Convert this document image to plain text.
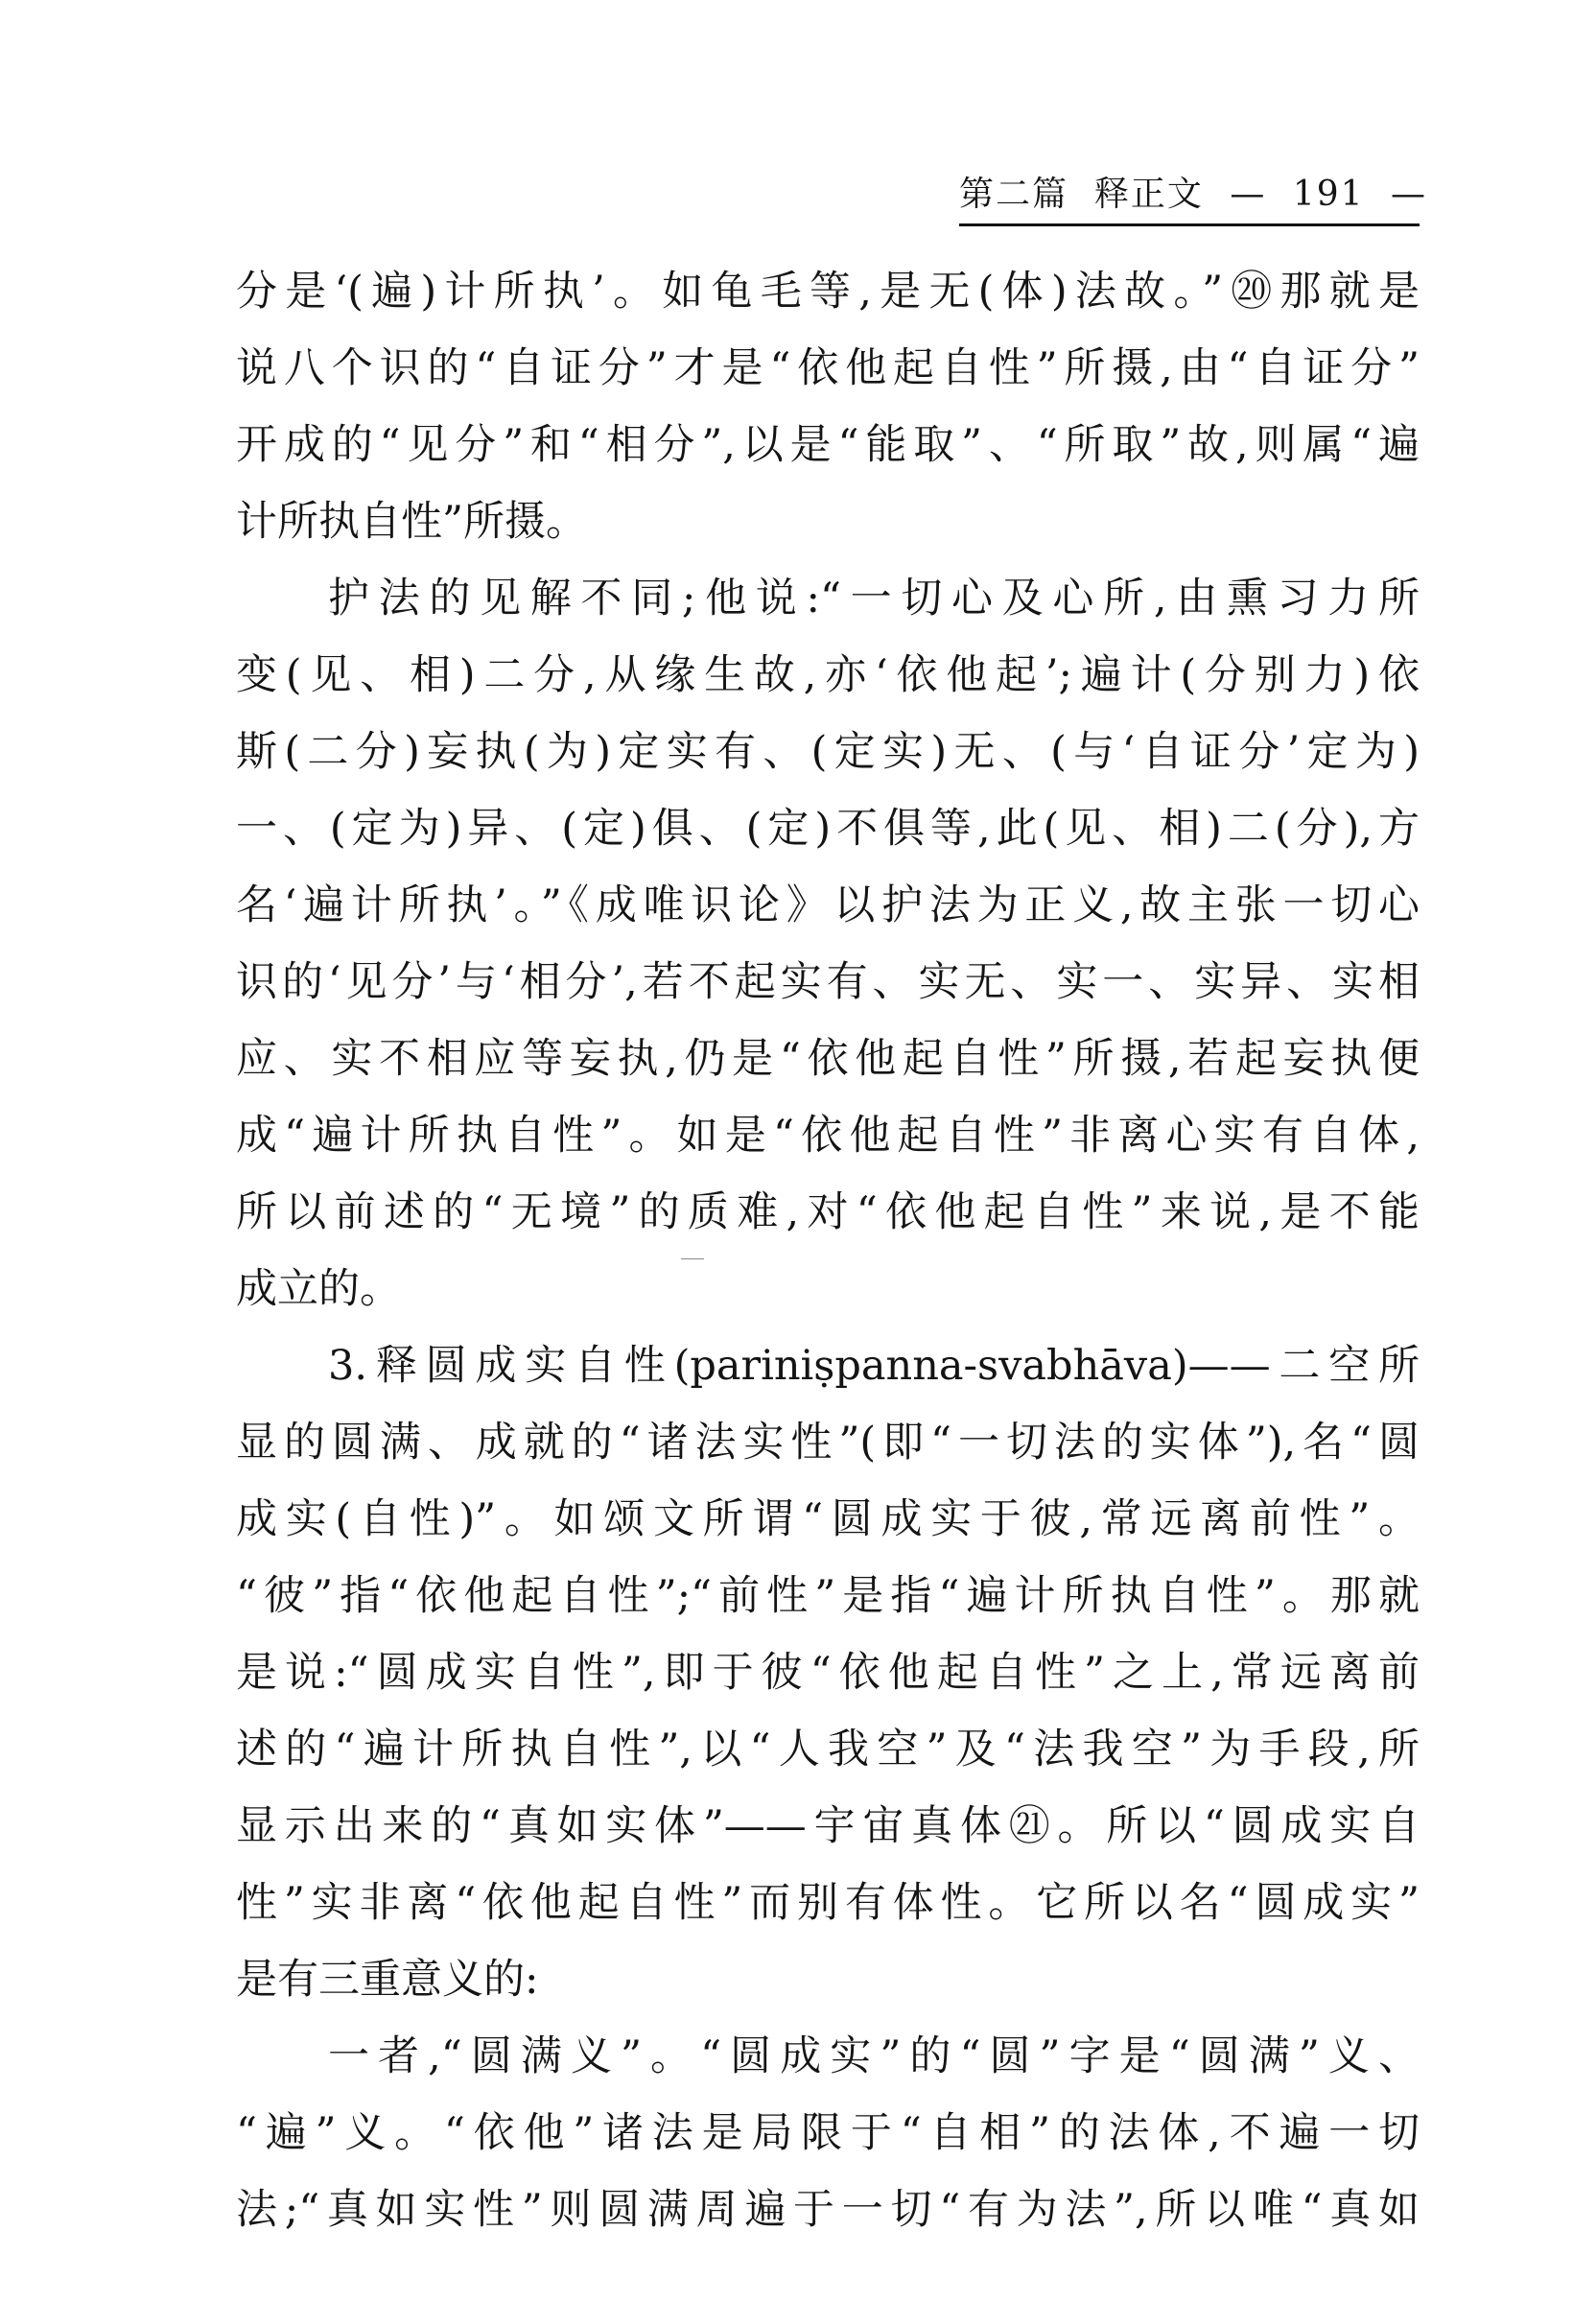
第二篇 释正文 — 191 —
分是‘(遍)计所执’。如龟毛等,是无(体)法故。”⑳那就是
说八个识的“自证分”才是“依他起自性”所摄,由“自证分”
开成的“见分”和“相分”,以是“能取”、“所取”故,则属“遍
计所执自性”所摄。
护法的见解不同;他说:“一切心及心所,由熏习力所
变(见、相)二分,从缘生故,亦‘依他起’;遍计(分别力)依
斯(二分)妄执(为)定实有、(定实)无、(与‘自证分’定为)
一、(定为)异、(定)俱、(定)不俱等,此(见、相)二(分),方
名‘遍计所执’。”《成唯识论》以护法为正义,故主张一切心
识的‘见分’与‘相分’,若不起实有、实无、实一、实异、实相
应、实不相应等妄执,仍是“依他起自性”所摄,若起妄执便
成“遍计所执自性”。如是“依他起自性”非离心实有自体,
所以前述的“无境”的质难,对“依他起自性”来说,是不能
成立的。
3.释圆成实自性(pariniṣpanna-svabhāva)——二空所
显的圆满、成就的“诸法实性”(即“一切法的实体”),名“圆
成实(自性)”。如颂文所谓“圆成实于彼,常远离前性”。
“彼”指“依他起自性”;“前性”是指“遍计所执自性”。那就
是说:“圆成实自性”,即于彼“依他起自性”之上,常远离前
述的“遍计所执自性”,以“人我空”及“法我空”为手段,所
显示出来的“真如实体”——宇宙真体㉑。所以“圆成实自
性”实非离“依他起自性”而别有体性。它所以名“圆成实”
是有三重意义的:
一者,“圆满义”。“圆成实”的“圆”字是“圆满”义、
“遍”义。“依他”诸法是局限于“自相”的法体,不遍一切
法;“真如实性”则圆满周遍于一切“有为法”,所以唯“真如
